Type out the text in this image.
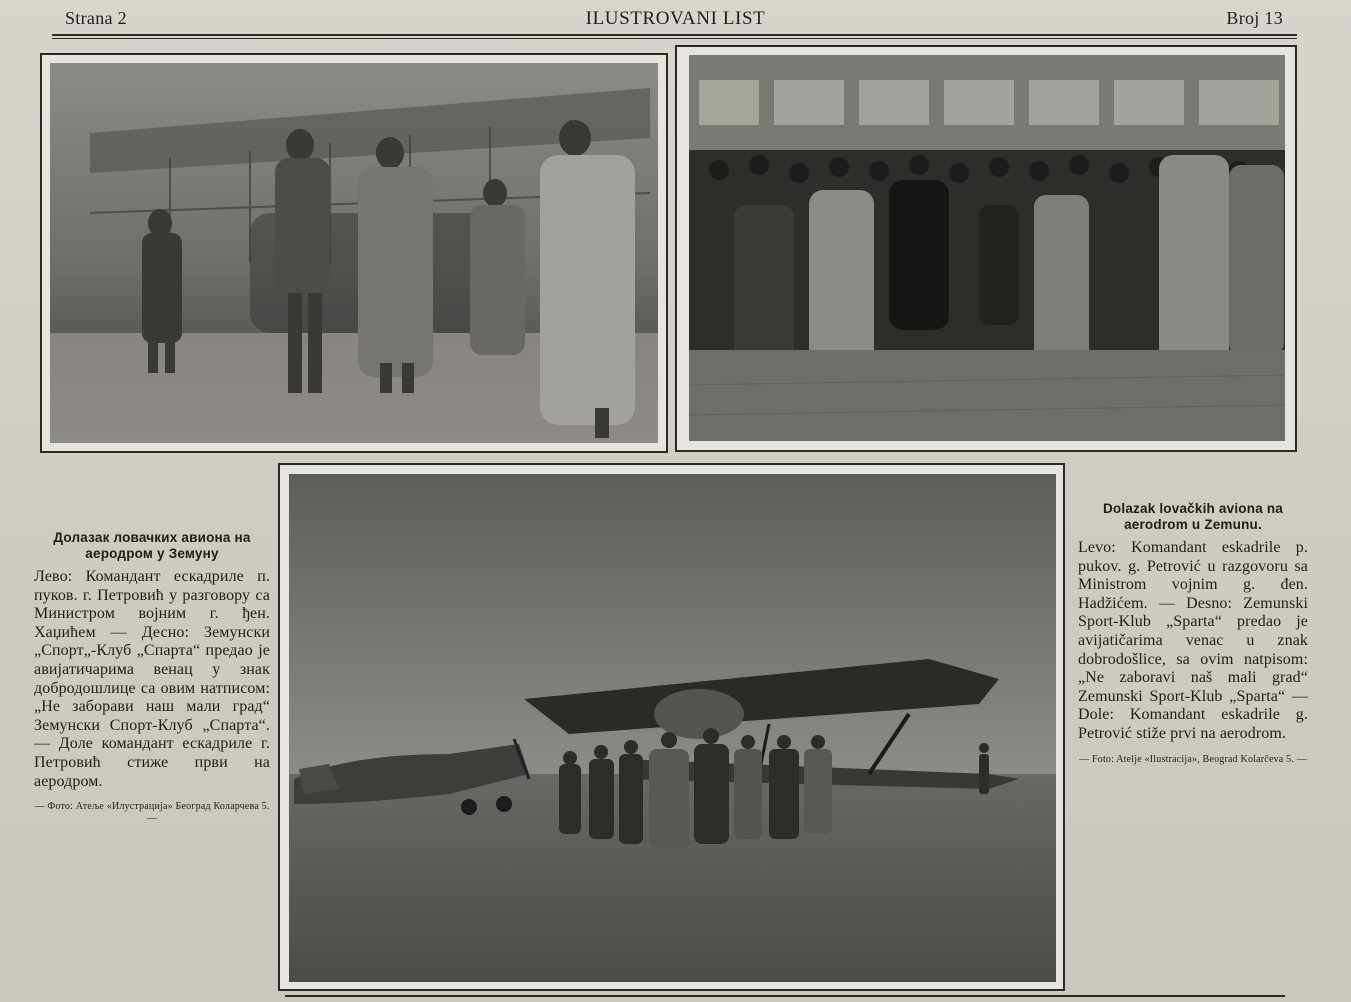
Strana 2	ILUSTROVANI LIST	Broj 13
Долазак ловачких авиона на аеродром у Земуну
Лево: Командант ескадриле п. пуков. г. Петровић у разговору са Министром војним г. ђен. Хаџићем — Десно: Земунски „Спорт„-Клуб „Спарта“ предао је авијатичарима венац у знак добродошлице са овим натписом: „Не заборави наш мали град“ Земунски Спорт-Клуб „Спарта“. — Доле командант ескадриле г. Петровић стиже први на аеродром.
— Фото: Атеље «Илустрација» Београд Коларчева 5. —
Dolazak lovačkih aviona na aerodrom u Zemunu.
Levo: Komandant eskadrile p. pukov. g. Petrović u razgovoru sa Ministrom vojnim g. đen. Hadžićem. — Desno: Zemunski Sport-Klub „Sparta“ predao je avijatičarima venac u znak dobrodošlice, sa ovim natpisom: „Ne zaboravi naš mali grad“ Zemunski Sport-Klub „Sparta“ — Dole: Komandant eskadrile g. Petrović stiže prvi na aerodrom.
— Foto: Atelje «Ilustracija», Beograd Kolarčeva 5. —
